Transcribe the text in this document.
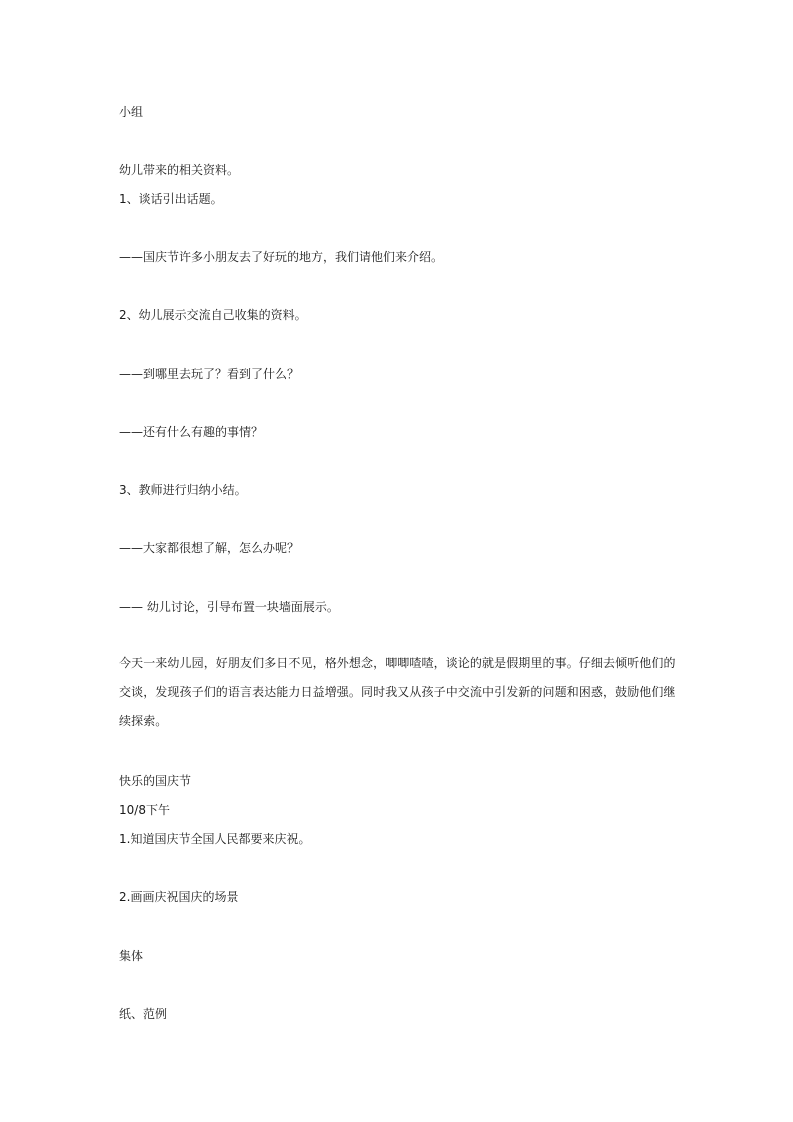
小组

幼儿带来的相关资料。

1、谈话引出话题。

——国庆节许多小朋友去了好玩的地方，我们请他们来介绍。

2、幼儿展示交流自己收集的资料。

——到哪里去玩了？看到了什么？

——还有什么有趣的事情？

3、教师进行归纳小结。

——大家都很想了解，怎么办呢？

—— 幼儿讨论，引导布置一块墙面展示。

今天一来幼儿园，好朋友们多日不见，格外想念，唧唧喳喳，谈论的就是假期里的事。仔细去倾听他们的交谈，发现孩子们的语言表达能力日益增强。同时我又从孩子中交流中引发新的问题和困惑，鼓励他们继续探索。

快乐的国庆节

10/8下午

1.知道国庆节全国人民都要来庆祝。

2.画画庆祝国庆的场景

集体

纸、范例
